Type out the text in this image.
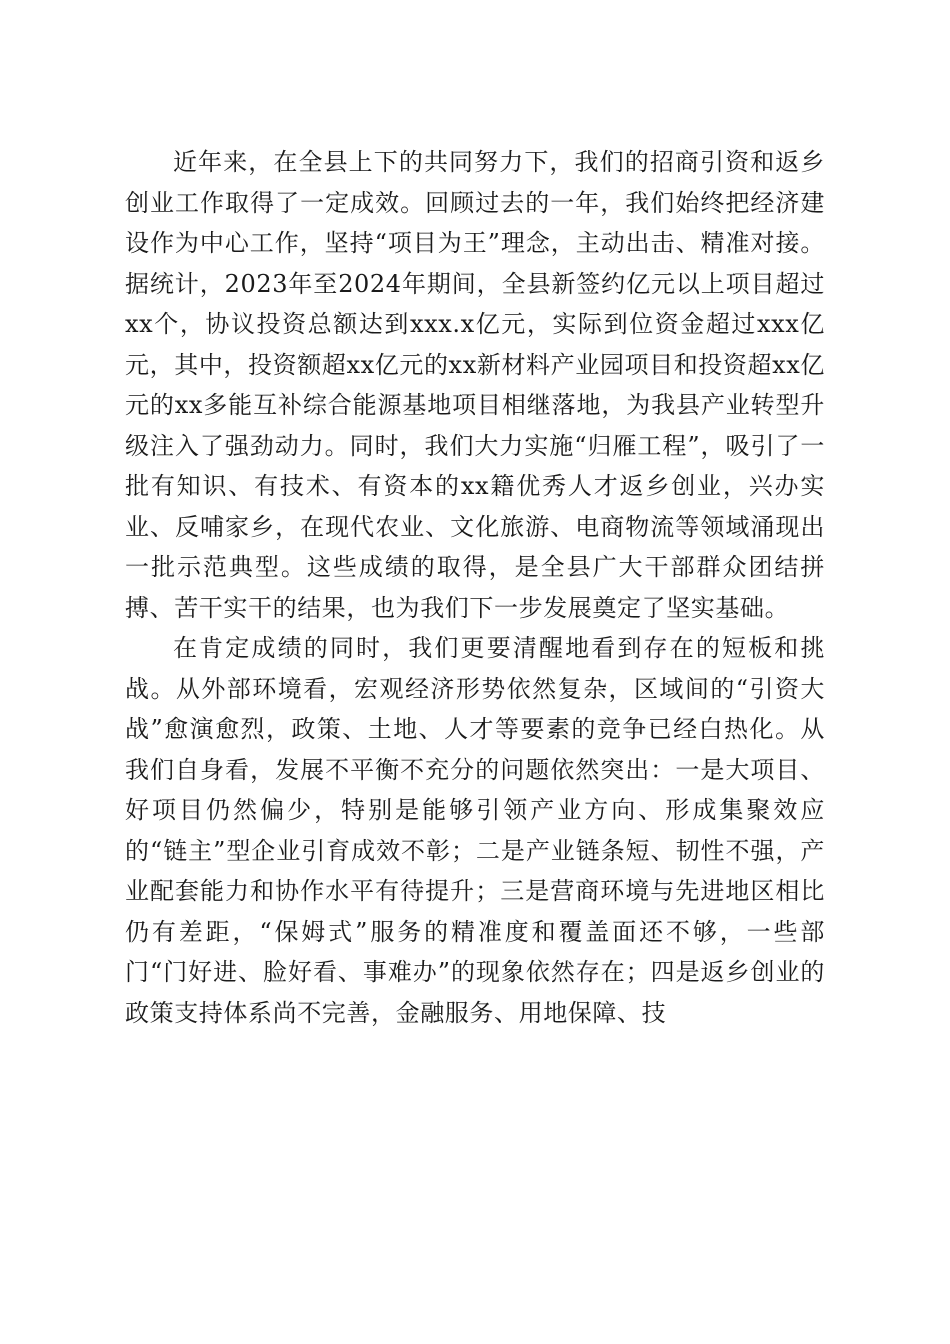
近年来，在全县上下的共同努力下，我们的招商引资和返乡创业工作取得了一定成效。回顾过去的一年，我们始终把经济建设作为中心工作，坚持“项目为王”理念，主动出击、精准对接。据统计，2023年至2024年期间，全县新签约亿元以上项目超过xx个，协议投资总额达到xxx.x亿元，实际到位资金超过xxx亿元，其中，投资额超xx亿元的xx新材料产业园项目和投资超xx亿元的xx多能互补综合能源基地项目相继落地，为我县产业转型升级注入了强劲动力。同时，我们大力实施“归雁工程”，吸引了一批有知识、有技术、有资本的xx籍优秀人才返乡创业，兴办实业、反哺家乡，在现代农业、文化旅游、电商物流等领域涌现出一批示范典型。这些成绩的取得，是全县广大干部群众团结拼搏、苦干实干的结果，也为我们下一步发展奠定了坚实基础。

在肯定成绩的同时，我们更要清醒地看到存在的短板和挑战。从外部环境看，宏观经济形势依然复杂，区域间的“引资大战”愈演愈烈，政策、土地、人才等要素的竞争已经白热化。从我们自身看，发展不平衡不充分的问题依然突出：一是大项目、好项目仍然偏少，特别是能够引领产业方向、形成集聚效应的“链主”型企业引育成效不彰；二是产业链条短、韧性不强，产业配套能力和协作水平有待提升；三是营商环境与先进地区相比仍有差距，“保姆式”服务的精准度和覆盖面还不够，一些部门“门好进、脸好看、事难办”的现象依然存在；四是返乡创业的政策支持体系尚不完善，金融服务、用地保障、技
